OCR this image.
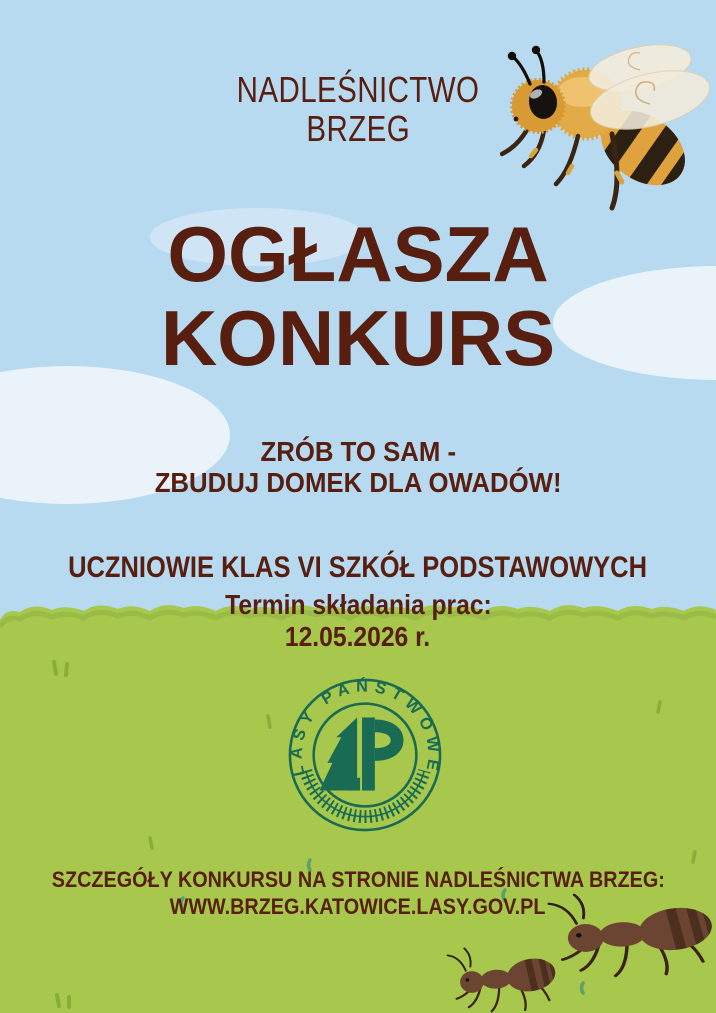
NADLEŚNICTWO
BRZEG
OGŁASZA
KONKURS
ZRÓB TO SAM -
ZBUDUJ DOMEK DLA OWADÓW!
UCZNIOWIE KLAS VI SZKÓŁ PODSTAWOWYCH
Termin składania prac:
12.05.2026 r.
SZCZEGÓŁY KONKURSU NA STRONIE NADLEŚNICTWA BRZEG:
WWW.BRZEG.KATOWICE.LASY.GOV.PL
LASY PAŃSTWOWE
